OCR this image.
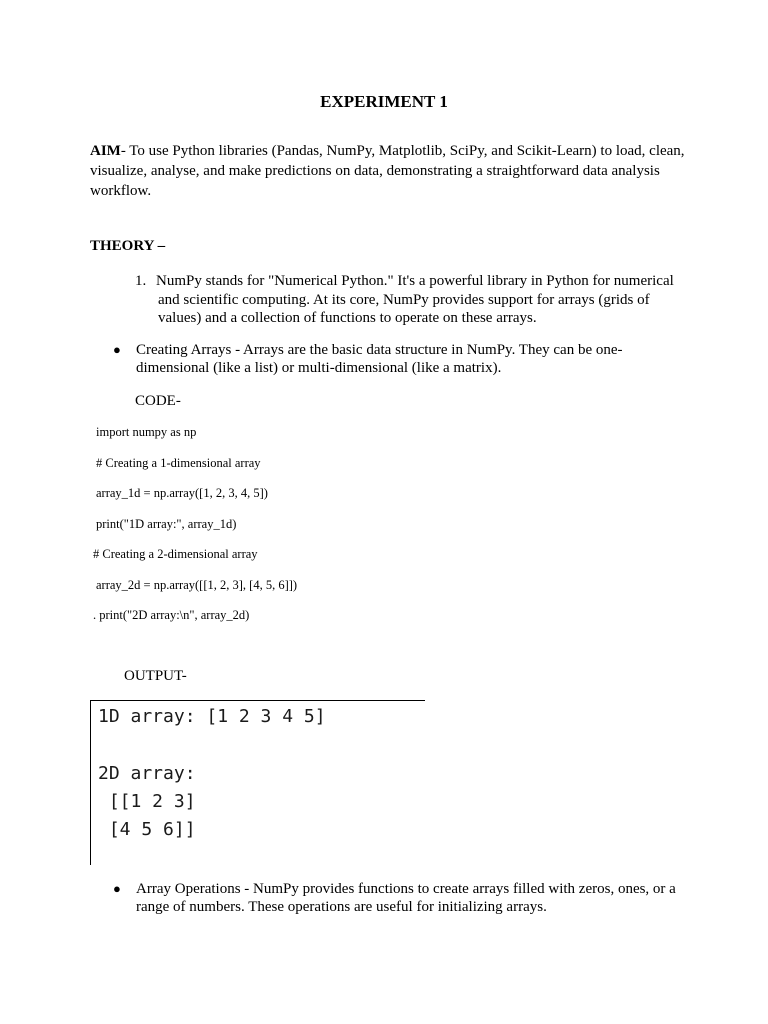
EXPERIMENT 1
AIM- To use Python libraries (Pandas, NumPy, Matplotlib, SciPy, and Scikit-Learn) to load, clean, visualize, analyse, and make predictions on data, demonstrating a straightforward data analysis workflow.
THEORY –
1. NumPy stands for "Numerical Python." It's a powerful library in Python for numerical
and scientific computing. At its core, NumPy provides support for arrays (grids of values) and a collection of functions to operate on these arrays.
●	Creating Arrays - Arrays are the basic data structure in NumPy. They can be one-dimensional (like a list) or multi-dimensional (like a matrix).
CODE-
import numpy as np
# Creating a 1-dimensional array
array_1d = np.array([1, 2, 3, 4, 5])
print("1D array:", array_1d)
# Creating a 2-dimensional array
array_2d = np.array([[1, 2, 3], [4, 5, 6]])
. print("2D array:\n", array_2d)
OUTPUT-
1D array: [1 2 3 4 5]
2D array:
[[1 2 3]
[4 5 6]]
●	Array Operations - NumPy provides functions to create arrays filled with zeros, ones, or a range of numbers. These operations are useful for initializing arrays.
